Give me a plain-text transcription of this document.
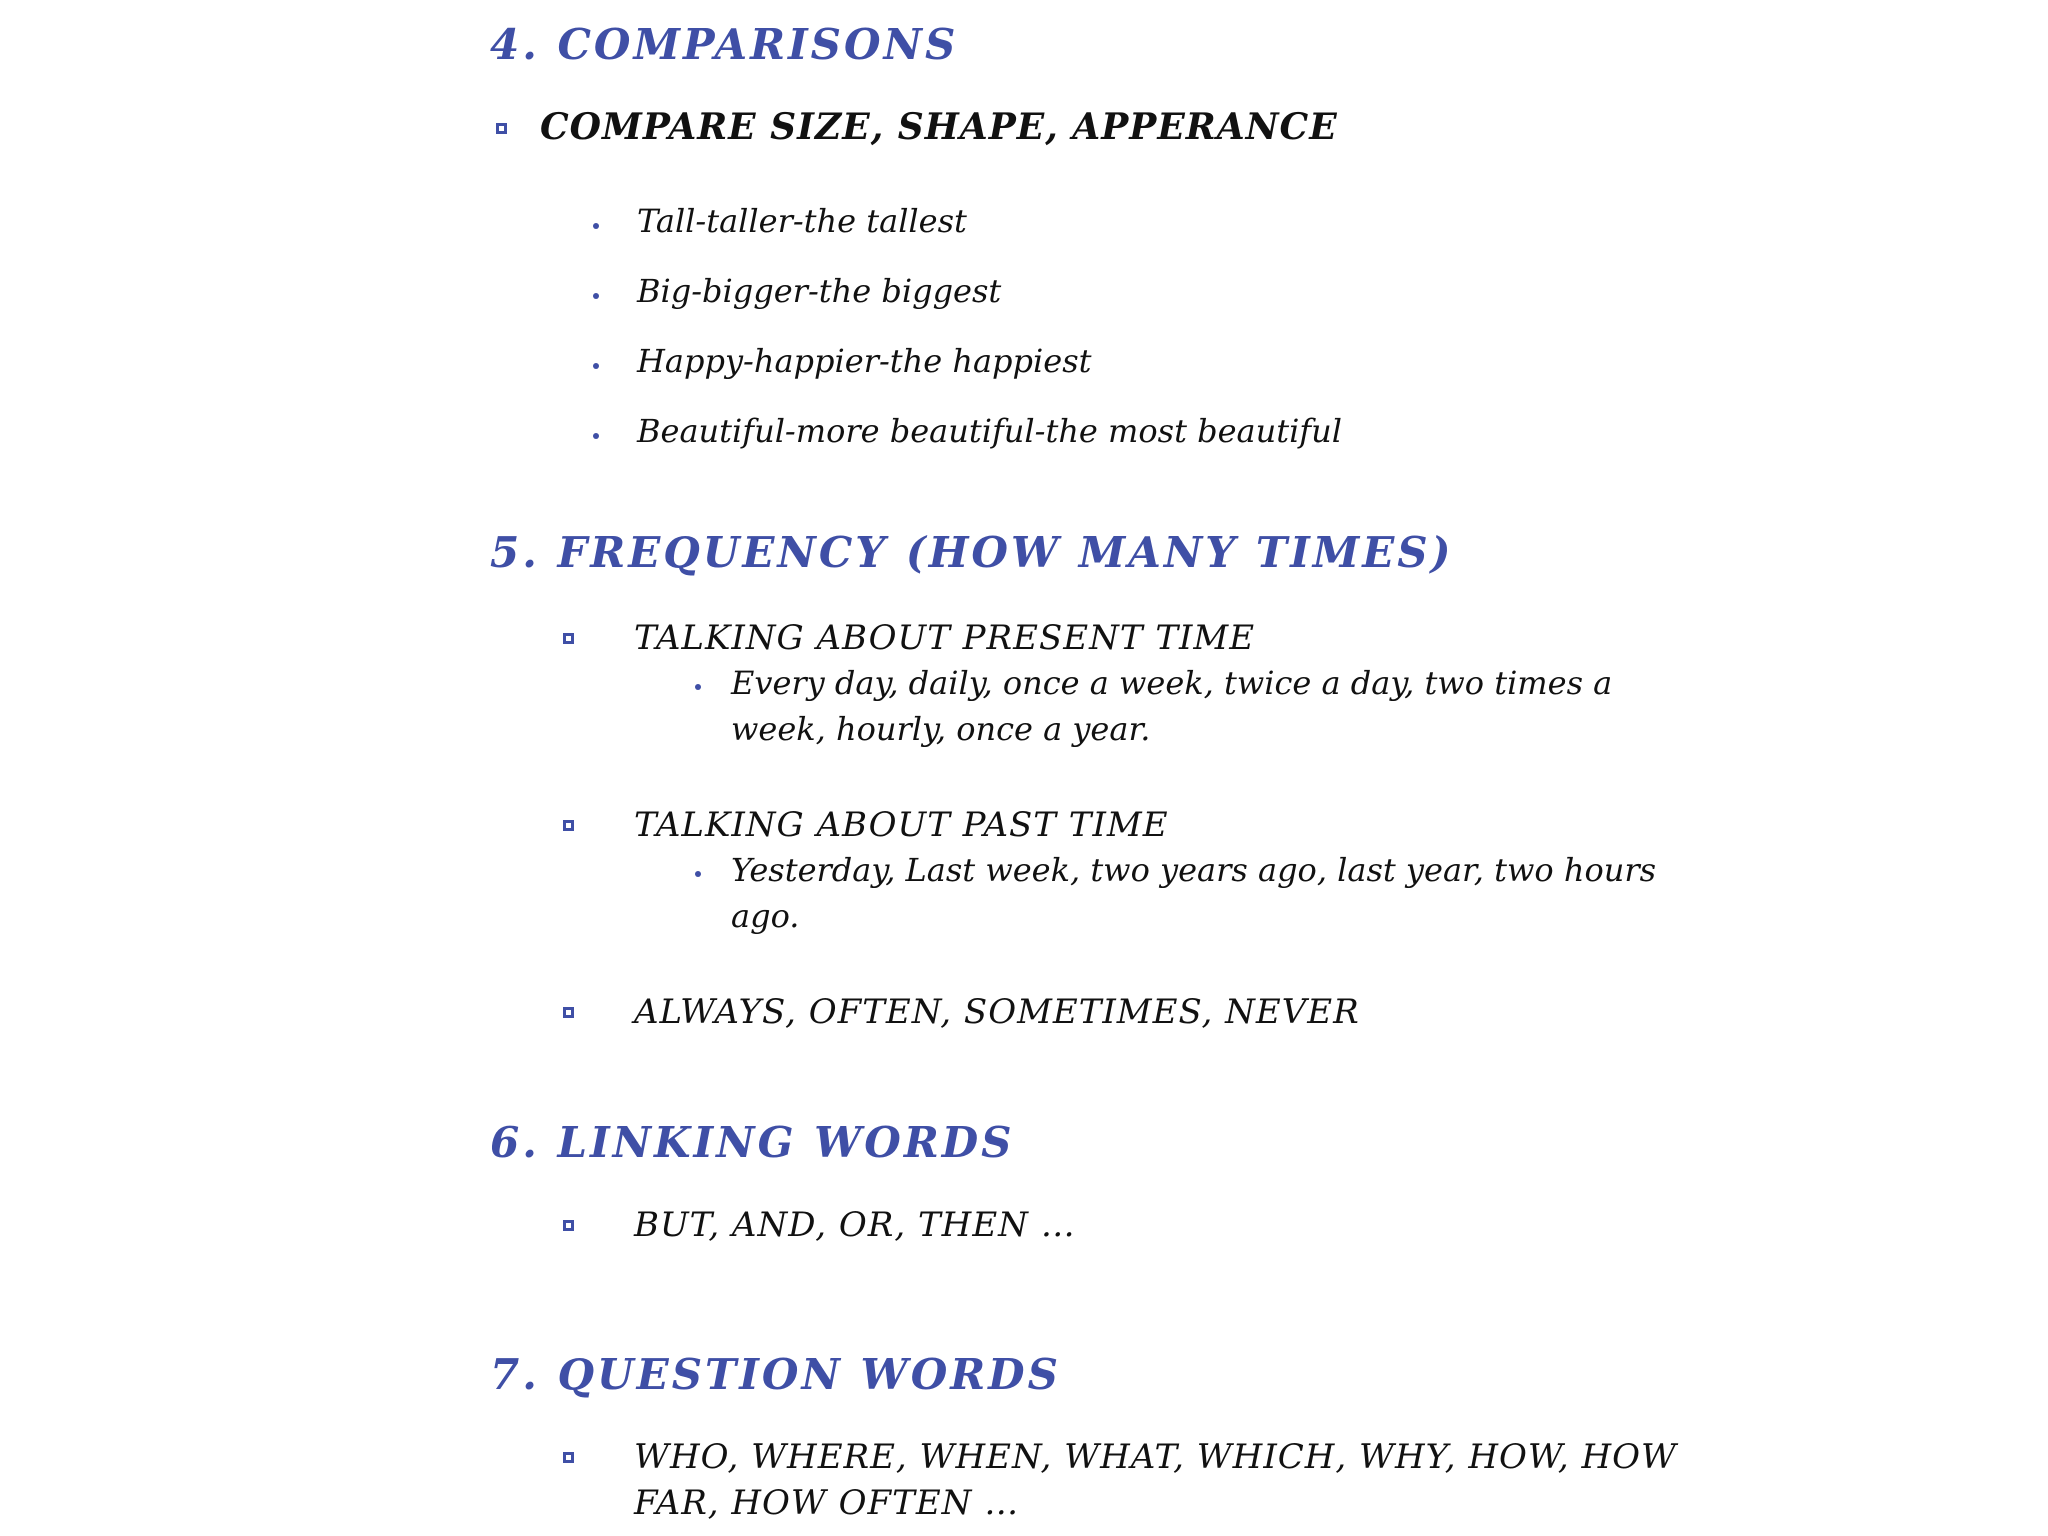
4. COMPARISONS
COMPARE SIZE, SHAPE, APPERANCE
Tall-taller-the tallest
Big-bigger-the biggest
Happy-happier-the happiest
Beautiful-more beautiful-the most beautiful
5. FREQUENCY (HOW MANY TIMES)
TALKING ABOUT PRESENT TIME
Every day, daily, once a week, twice a day, two times a week, hourly, once a year.
TALKING ABOUT PAST TIME
Yesterday, Last week, two years ago, last year, two hours ago.
ALWAYS, OFTEN, SOMETIMES, NEVER
6. LINKING WORDS
BUT, AND, OR, THEN …
7. QUESTION WORDS
WHO, WHERE, WHEN, WHAT, WHICH, WHY, HOW, HOW
FAR, HOW OFTEN …
